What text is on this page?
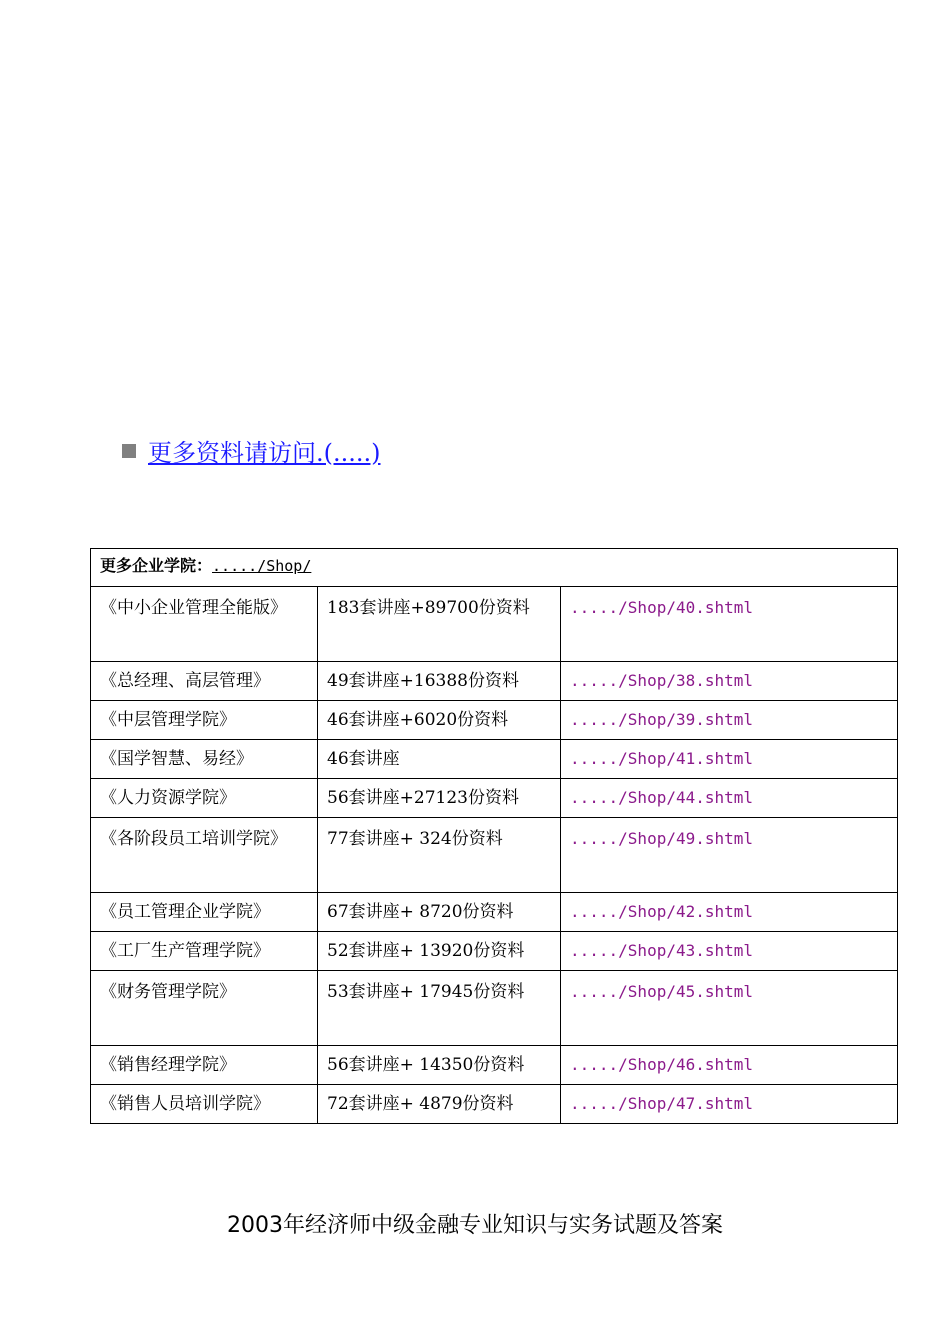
更多资料请访问.(.....)
更多企业学院：...../Shop/		
《中小企业管理全能版》	183套讲座+89700份资料	...../Shop/40.shtml
《总经理、高层管理》	49套讲座+16388份资料	...../Shop/38.shtml
《中层管理学院》	46套讲座+6020份资料	...../Shop/39.shtml
《国学智慧、易经》	46套讲座	...../Shop/41.shtml
《人力资源学院》	56套讲座+27123份资料	...../Shop/44.shtml
《各阶段员工培训学院》	77套讲座+ 324份资料	...../Shop/49.shtml
《员工管理企业学院》	67套讲座+ 8720份资料	...../Shop/42.shtml
《工厂生产管理学院》	52套讲座+ 13920份资料	...../Shop/43.shtml
《财务管理学院》	53套讲座+ 17945份资料	...../Shop/45.shtml
《销售经理学院》	56套讲座+ 14350份资料	...../Shop/46.shtml
《销售人员培训学院》	72套讲座+ 4879份资料	...../Shop/47.shtml
2003年经济师中级金融专业知识与实务试题及答案
